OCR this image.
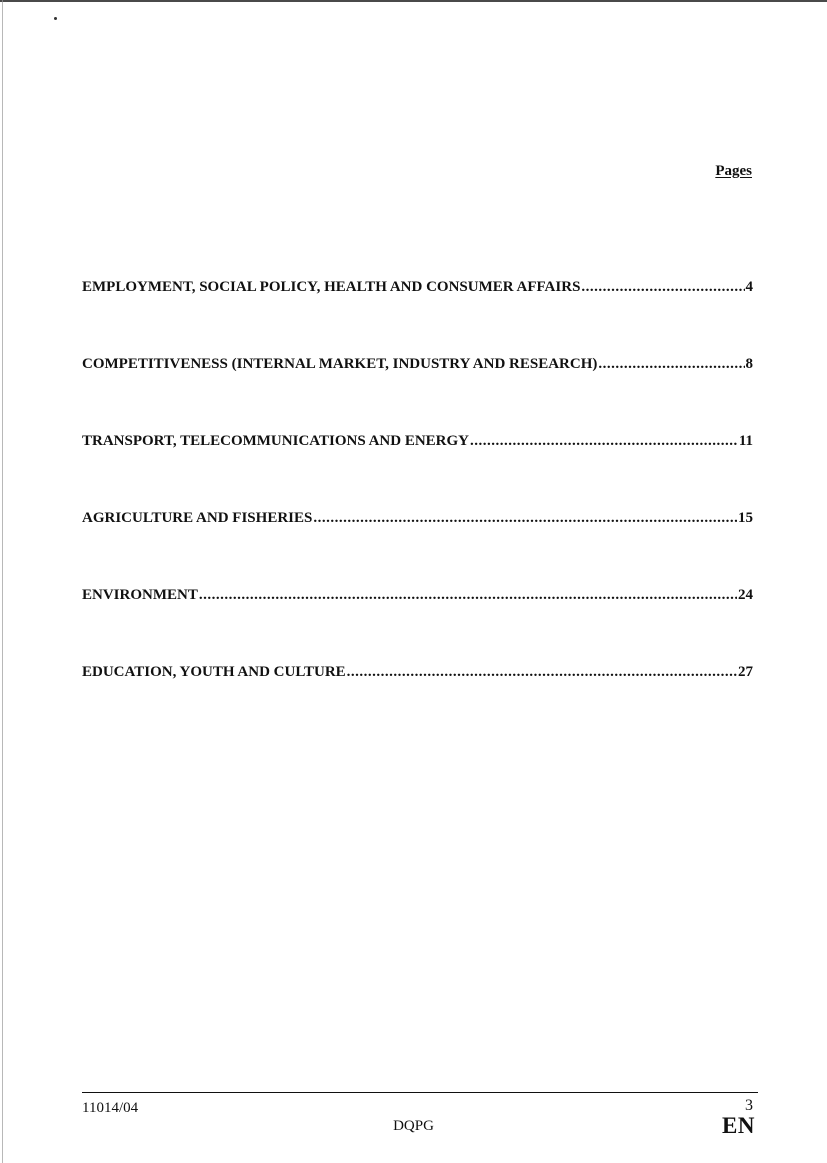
Pages
EMPLOYMENT, SOCIAL POLICY, HEALTH AND CONSUMER AFFAIRS .....	4
COMPETITIVENESS (INTERNAL MARKET, INDUSTRY AND RESEARCH) .....	8
TRANSPORT, TELECOMMUNICATIONS AND ENERGY .....	11
AGRICULTURE AND FISHERIES .....	15
ENVIRONMENT .....	24
EDUCATION, YOUTH AND CULTURE .....	27
11014/04
DQPG
3
EN
